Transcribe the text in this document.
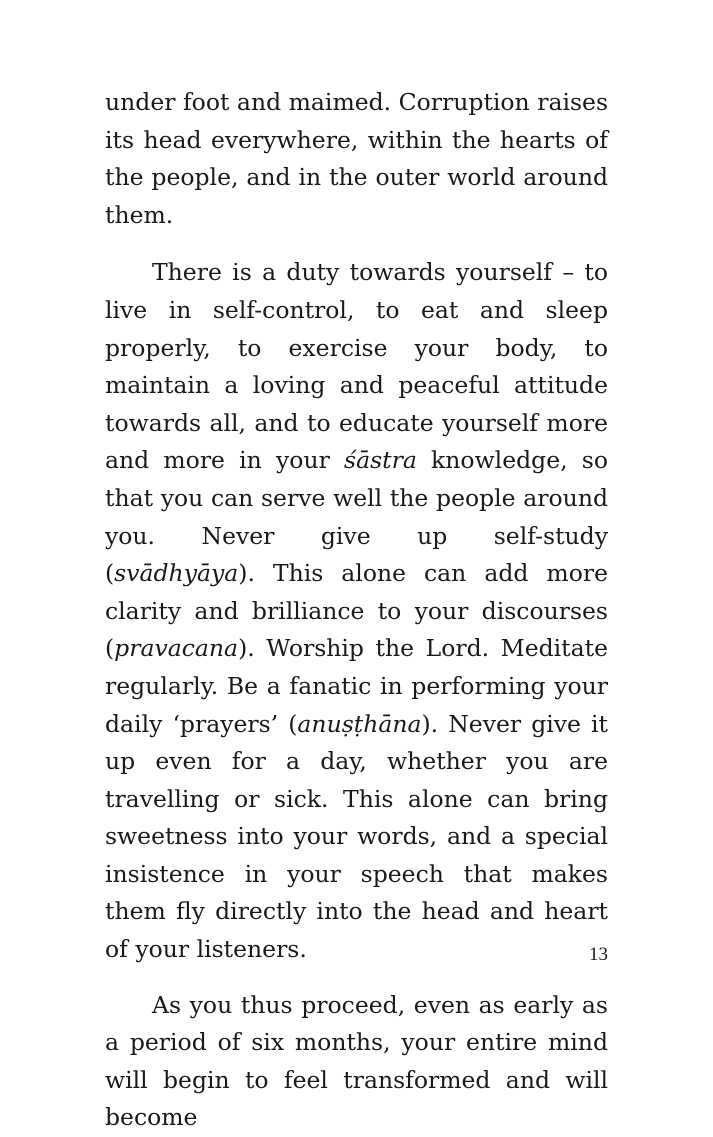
under foot and maimed. Corruption raises its head everywhere, within the hearts of the people, and in the outer world around them.

There is a duty towards yourself – to live in self-control, to eat and sleep properly, to exercise your body, to maintain a loving and peaceful attitude towards all, and to educate yourself more and more in your śāstra knowledge, so that you can serve well the people around you. Never give up self-study (svādhyāya). This alone can add more clarity and brilliance to your discourses (pravacana). Worship the Lord. Meditate regularly. Be a fanatic in performing your daily ‘prayers’ (anuṣṭhāna). Never give it up even for a day, whether you are travelling or sick. This alone can bring sweetness into your words, and a special insistence in your speech that makes them fly directly into the head and heart of your listeners.

As you thus proceed, even as early as a period of six months, your entire mind will begin to feel transformed and will become

13
